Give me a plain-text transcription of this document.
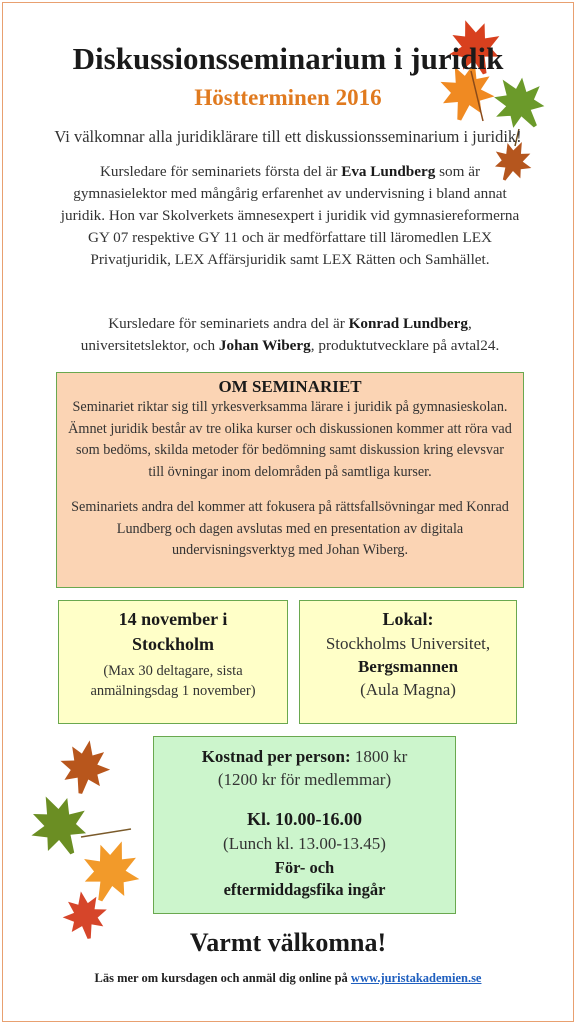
Diskussionsseminarium i juridik
Höstterminen 2016
Vi välkomnar alla juridiklärare till ett diskussionsseminarium i juridik!
Kursledare för seminariets första del är Eva Lundberg som är gymnasielektor med mångårig erfarenhet av undervisning i bland annat juridik. Hon var Skolverkets ämnesexpert i juridik vid gymnasiereformerna GY 07 respektive GY 11 och är medförfattare till läromedlen LEX Privatjuridik, LEX Affärsjuridik samt LEX Rätten och Samhället.
Kursledare för seminariets andra del är Konrad Lundberg, universitetslektor, och Johan Wiberg, produktutvecklare på avtal24.
OM SEMINARIET
Seminariet riktar sig till yrkesverksamma lärare i juridik på gymnasieskolan. Ämnet juridik består av tre olika kurser och diskussionen kommer att röra vad som bedöms, skilda metoder för bedömning samt diskussion kring elevsvar till övningar inom delområden på samtliga kurser.
Seminariets andra del kommer att fokusera på rättsfallsövningar med Konrad Lundberg och dagen avslutas med en presentation av digitala undervisningsverktyg med Johan Wiberg.
14 november i
Stockholm
(Max 30 deltagare, sista anmälningsdag 1 november)
Lokal:
Stockholms Universitet,
Bergsmannen
(Aula Magna)
Kostnad per person: 1800 kr
(1200 kr för medlemmar)
Kl. 10.00-16.00
(Lunch kl. 13.00-13.45)
För- och
eftermiddagsfika ingår
Varmt välkomna!
Läs mer om kursdagen och anmäl dig online på www.juristakademien.se
